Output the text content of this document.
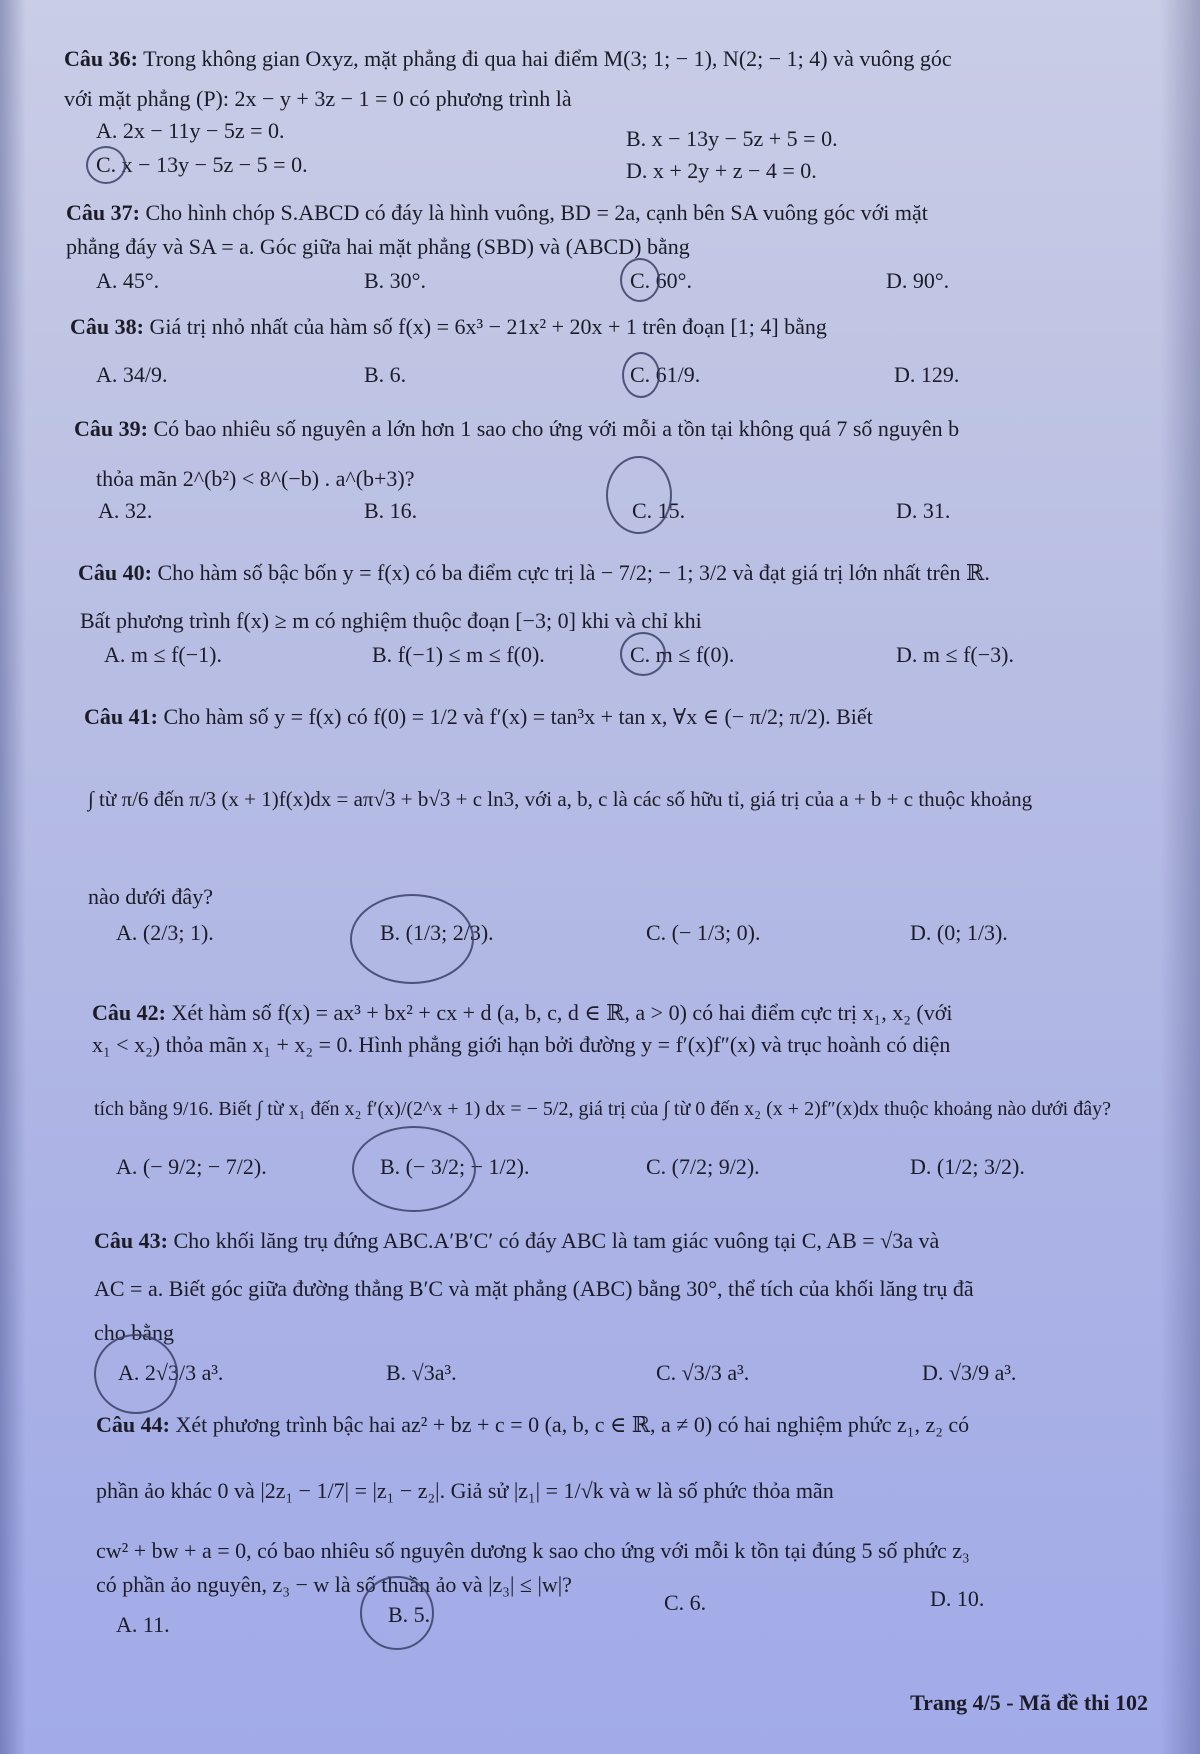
Câu 36: Trong không gian Oxyz, mặt phẳng đi qua hai điểm M(3; 1; − 1), N(2; − 1; 4) và vuông góc
với mặt phẳng (P): 2x − y + 3z − 1 = 0 có phương trình là
A. 2x − 11y − 5z = 0.	B. x − 13y − 5z + 5 = 0.
C. x − 13y − 5z − 5 = 0.	D. x + 2y + z − 4 = 0.
Câu 37: Cho hình chóp S.ABCD có đáy là hình vuông, BD = 2a, cạnh bên SA vuông góc với mặt
phẳng đáy và SA = a. Góc giữa hai mặt phẳng (SBD) và (ABCD) bằng
A. 45°.	B. 30°.	C. 60°.	D. 90°.
Câu 38: Giá trị nhỏ nhất của hàm số f(x) = 6x³ − 21x² + 20x + 1 trên đoạn [1; 4] bằng
A. 34/9.	B. 6.	C. 61/9.	D. 129.
Câu 39: Có bao nhiêu số nguyên a lớn hơn 1 sao cho ứng với mỗi a tồn tại không quá 7 số nguyên b
thỏa mãn 2^(b²) < 8^(−b) . a^(b+3)?
A. 32.	B. 16.	C. 15.	D. 31.
Câu 40: Cho hàm số bậc bốn y = f(x) có ba điểm cực trị là − 7/2; − 1; 3/2 và đạt giá trị lớn nhất trên ℝ.
Bất phương trình f(x) ≥ m có nghiệm thuộc đoạn [−3; 0] khi và chỉ khi
A. m ≤ f(−1).	B. f(−1) ≤ m ≤ f(0).	C. m ≤ f(0).	D. m ≤ f(−3).
Câu 41: Cho hàm số y = f(x) có f(0) = 1/2 và f′(x) = tan³x + tan x, ∀x ∈ (− π/2; π/2). Biết
∫ từ π/6 đến π/3 (x + 1)f(x)dx = aπ√3 + b√3 + c ln3, với a, b, c là các số hữu tỉ, giá trị của a + b + c thuộc khoảng
nào dưới đây?
A. (2/3; 1).	B. (1/3; 2/3).	C. (− 1/3; 0).	D. (0; 1/3).
Câu 42: Xét hàm số f(x) = ax³ + bx² + cx + d (a, b, c, d ∈ ℝ, a > 0) có hai điểm cực trị x₁, x₂ (với
x₁ < x₂) thỏa mãn x₁ + x₂ = 0. Hình phẳng giới hạn bởi đường y = f′(x)f″(x) và trục hoành có diện
tích bằng 9/16. Biết ∫ từ x₁ đến x₂ f′(x)/(2^x + 1) dx = − 5/2, giá trị của ∫ từ 0 đến x₂ (x + 2)f″(x)dx thuộc khoảng nào dưới đây?
A. (− 9/2; − 7/2).	B. (− 3/2; − 1/2).	C. (7/2; 9/2).	D. (1/2; 3/2).
Câu 43: Cho khối lăng trụ đứng ABC.A′B′C′ có đáy ABC là tam giác vuông tại C, AB = √3a và
AC = a. Biết góc giữa đường thẳng B′C và mặt phẳng (ABC) bằng 30°, thể tích của khối lăng trụ đã
cho bằng
A. 2√3/3 a³.	B. √3a³.	C. √3/3 a³.	D. √3/9 a³.
Câu 44: Xét phương trình bậc hai az² + bz + c = 0 (a, b, c ∈ ℝ, a ≠ 0) có hai nghiệm phức z₁, z₂ có
phần ảo khác 0 và |2z₁ − 1/7| = |z₁ − z₂|. Giả sử |z₁| = 1/√k và w là số phức thỏa mãn
cw² + bw + a = 0, có bao nhiêu số nguyên dương k sao cho ứng với mỗi k tồn tại đúng 5 số phức z₃
có phần ảo nguyên, z₃ − w là số thuần ảo và |z₃| ≤ |w|?
A. 11.	B. 5.	C. 6.	D. 10.
Trang 4/5 - Mã đề thi 102
